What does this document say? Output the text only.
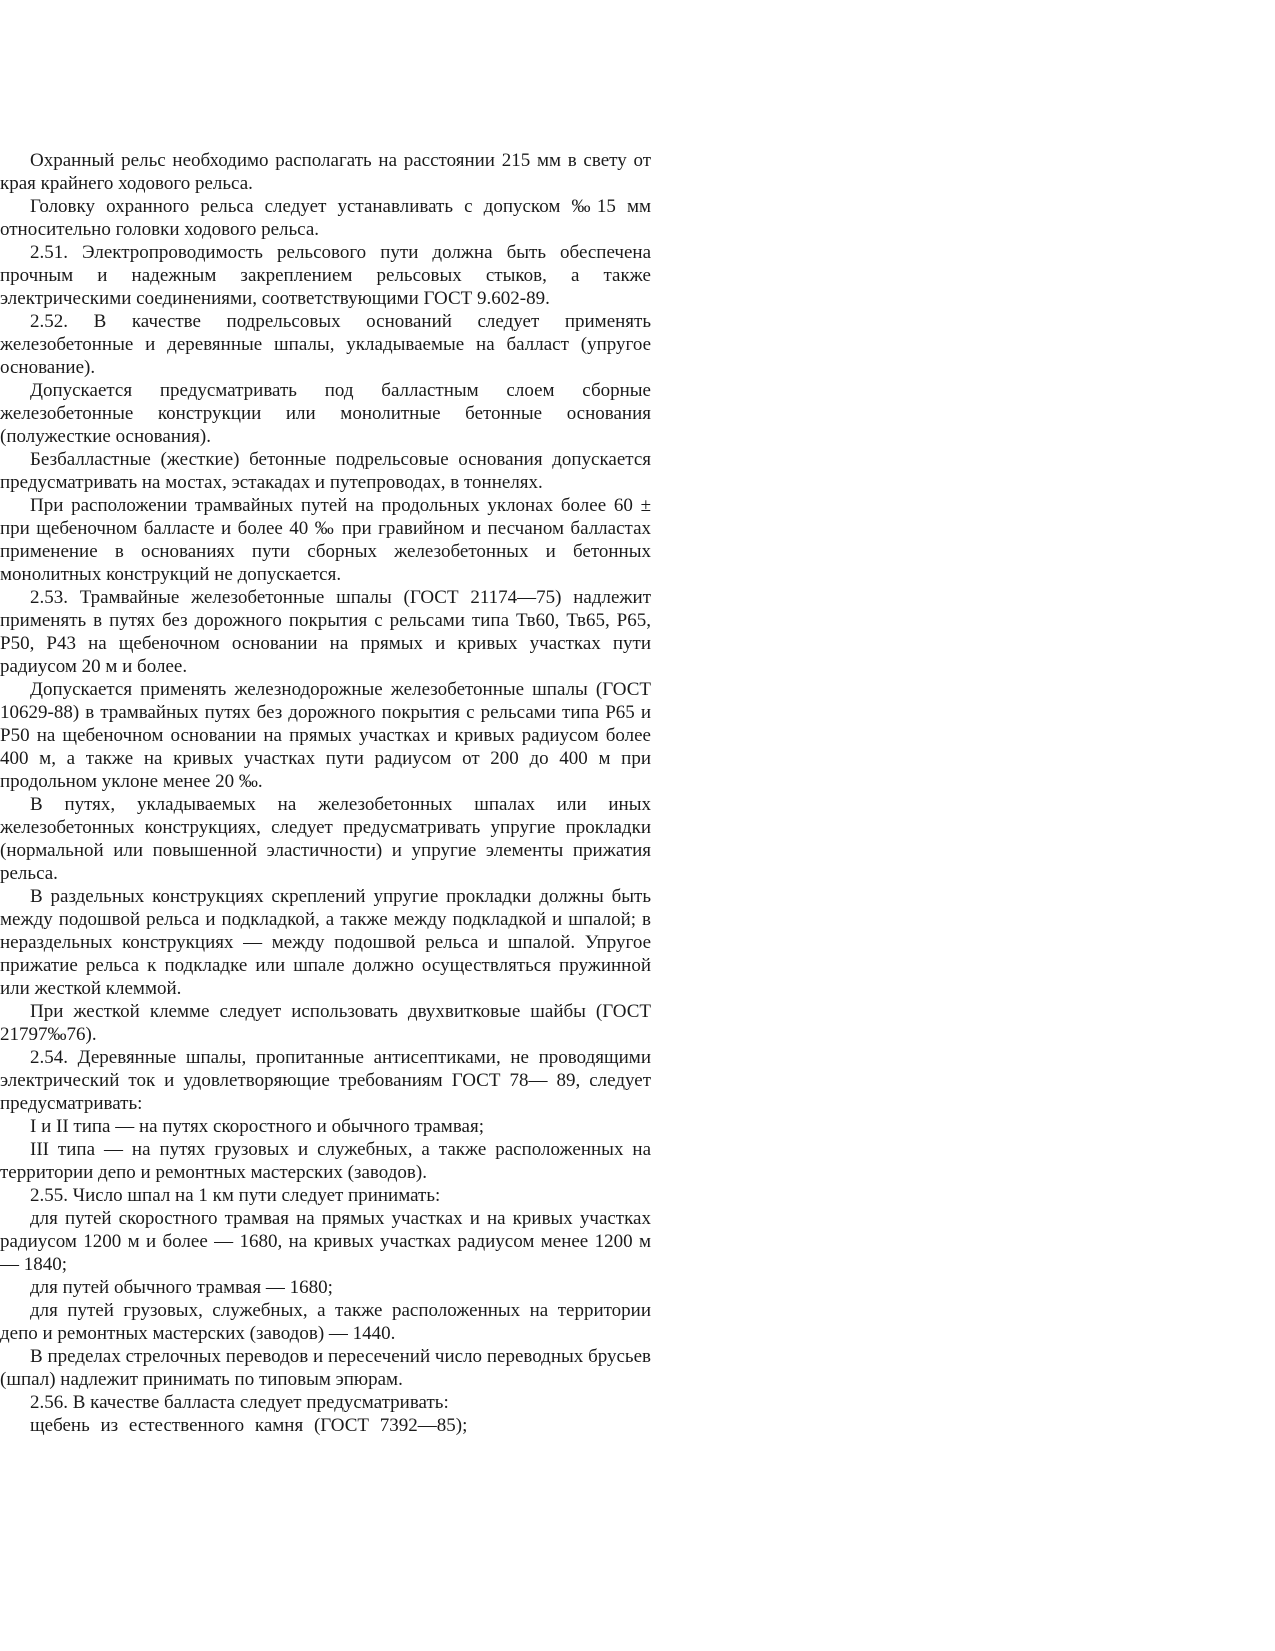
Охранный рельс необходимо располагать на расстоянии 215 мм в свету от края крайнего ходового рельса.

Головку охранного рельса следует устанавливать с допуском ‰15 мм относительно головки ходового рельса.

2.51. Электропроводимость рельсового пути должна быть обеспечена прочным и надежным закреплением рельсовых стыков, а также электрическими соединениями, соответствующими ГОСТ 9.602-89.

2.52. В качестве подрельсовых оснований следует применять железобетонные и деревянные шпалы, укладываемые на балласт (упругое основание).

Допускается предусматривать под балластным слоем сборные железобетонные конструкции или монолитные бетонные основания (полужесткие основания).

Безбалластные (жесткие) бетонные подрельсовые основания допускается предусматривать на мостах, эстакадах и путепроводах, в тоннелях.

При расположении трамвайных путей на продольных уклонах более 60 ± при щебеночном балласте и более 40 ‰ при гравийном и песчаном балластах применение в основаниях пути сборных железобетонных и бетонных монолитных конструкций не допускается.

2.53. Трамвайные железобетонные шпалы (ГОСТ 21174—75) надлежит применять в путях без дорожного покрытия с рельсами типа Тв60, Тв65, Р65, Р50, Р43 на щебеночном основании на прямых и кривых участках пути радиусом 20 м и более.

Допускается применять железнодорожные железобетонные шпалы (ГОСТ 10629-88) в трамвайных путях без дорожного покрытия с рельсами типа Р65 и Р50 на щебеночном основании на прямых участках и кривых радиусом более 400 м, а также на кривых участках пути радиусом от 200 до 400 м при продольном уклоне менее 20 ‰.

В путях, укладываемых на железобетонных шпалах или иных железобетонных конструкциях, следует предусматривать упругие прокладки (нормальной или повышенной эластичности) и упругие элементы прижатия рельса.

В раздельных конструкциях скреплений упругие прокладки должны быть между подошвой рельса и подкладкой, а также между подкладкой и шпалой; в нераздельных конструкциях — между подошвой рельса и шпалой. Упругое прижатие рельса к подкладке или шпале должно осуществляться пружинной или жесткой клеммой.

При жесткой клемме следует использовать двухвитковые шайбы (ГОСТ 21797‰76).

2.54. Деревянные шпалы, пропитанные антисептиками, не проводящими электрический ток и удовлетворяющие требованиям ГОСТ 78— 89, следует предусматривать:

I и II типа — на путях скоростного и обычного трамвая;

III типа — на путях грузовых и служебных, а также расположенных на территории депо и ремонтных мастерских (заводов).

2.55. Число шпал на 1 км пути следует принимать:

для путей скоростного трамвая на прямых участках и на кривых участках радиусом 1200 м и более — 1680, на кривых участках радиусом менее 1200 м — 1840;

для путей обычного трамвая — 1680;

для путей грузовых, служебных, а также расположенных на территории депо и ремонтных мастерских (заводов) — 1440.

В пределах стрелочных переводов и пересечений число переводных брусьев (шпал) надлежит принимать по типовым эпюрам.

2.56. В качестве балласта следует предусматривать:

щебень из естественного камня (ГОСТ 7392—85);
